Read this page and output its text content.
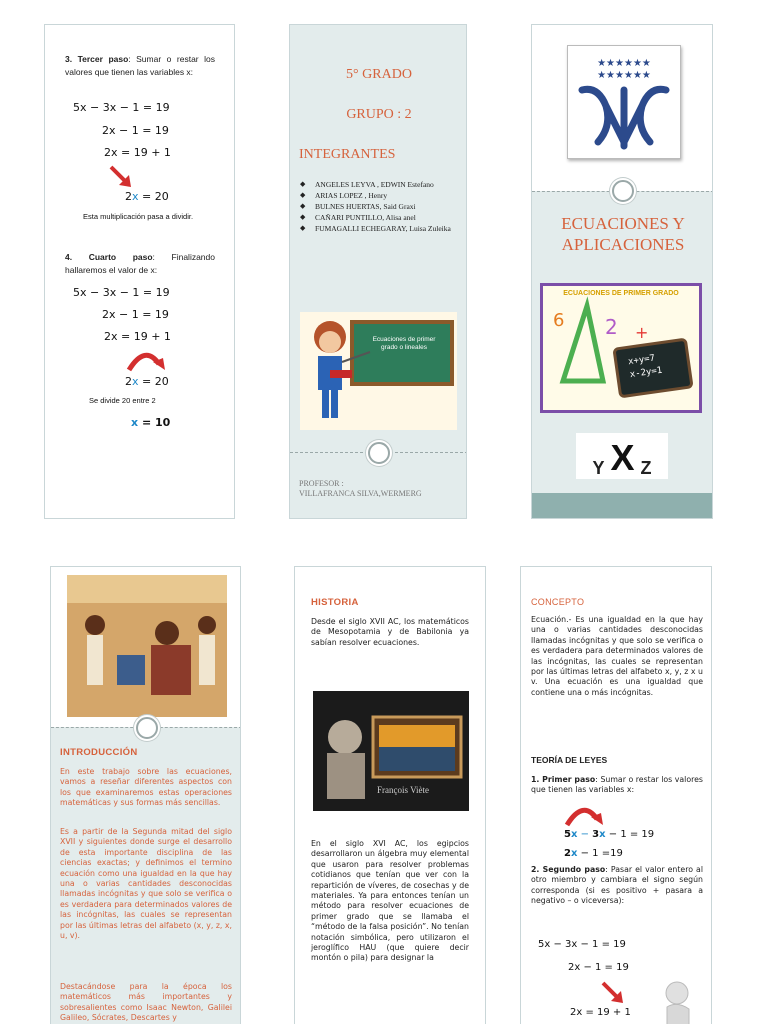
3. Tercer paso: Sumar o restar los valores que tienen las variables x:
5x − 3x − 1 = 19
2x − 1 = 19
2x = 19 + 1
2x = 20
Esta multiplicación pasa a dividir.
4. Cuarto paso: Finalizando hallaremos el valor de x:
5x − 3x − 1 = 19
2x − 1 = 19
2x = 19 + 1
2x = 20
Se divide 20 entre 2
x = 10
5° GRADO
GRUPO : 2
INTEGRANTES
◆ ANGELES LEYVA , EDWIN Estefano
◆ ARIAS LOPEZ , Henry
◆ BULNES HUERTAS, Said Graxi
◆ CAÑARI PUNTILLO, Alisa anel
◆ FUMAGALLI ECHEGARAY, Luisa Zuleika
Ecuaciones de primer grado o lineales
PROFESOR :
VILLAFRANCA SILVA,WERMERG
★★★★★★
★★★★★★
ECUACIONES Y APLICACIONES
ECUACIONES DE PRIMER GRADO
6 2 +
x+y=7
x-2y=1
Y X Z
INTRODUCCIÓN
En este trabajo sobre las ecuaciones, vamos a reseñar diferentes aspectos con los que examinaremos estas operaciones matemáticas y sus formas más sencillas.
Es a partir de la Segunda mitad del siglo XVII y siguientes donde surge el desarrollo de esta importante disciplina de las ciencias exactas; y definimos el termino ecuación como una igualdad en la que hay una o varias cantidades desconocidas llamadas incógnitas y que solo se verifica o es verdadera para determinados valores de las incógnitas, las cuales se representan por las últimas letras del alfabeto (x, y, z, x, u, v).
Destacándose para la época los matemáticos más importantes y sobresalientes como Isaac Newton, Galilei Galileo, Sócrates, Descartes y
HISTORIA
Desde el siglo XVII AC, los matemáticos de Mesopotamia y de Babilonia ya sabían resolver ecuaciones.
François Viète
En el siglo XVI AC, los egipcios desarrollaron un álgebra muy elemental que usaron para resolver problemas cotidianos que tenían que ver con la repartición de víveres, de cosechas y de materiales. Ya para entonces tenían un método para resolver ecuaciones de primer grado que se llamaba el “método de la falsa posición”. No tenían notación simbólica, pero utilizaron el jeroglífico HAU (que quiere decir montón o pila) para designar la
CONCEPTO
Ecuación.- Es una igualdad en la que hay una o varias cantidades desconocidas llamadas incógnitas y que solo se verifica o es verdadera para determinados valores de las incógnitas, las cuales se representan por las últimas letras del alfabeto x, y, z x u v. Una ecuación es una igualdad que contiene una o más incógnitas.
TEORÍA DE LEYES
1. Primer paso: Sumar o restar los valores que tienen las variables x:
5x − 3x − 1 = 19
2x − 1 =19
2. Segundo paso: Pasar el valor entero al otro miembro y cambiara el signo según corresponda (si es positivo + pasara a negativo – o viceversa):
5x − 3x − 1 = 19
2x − 1 = 19
2x = 19 + 1
